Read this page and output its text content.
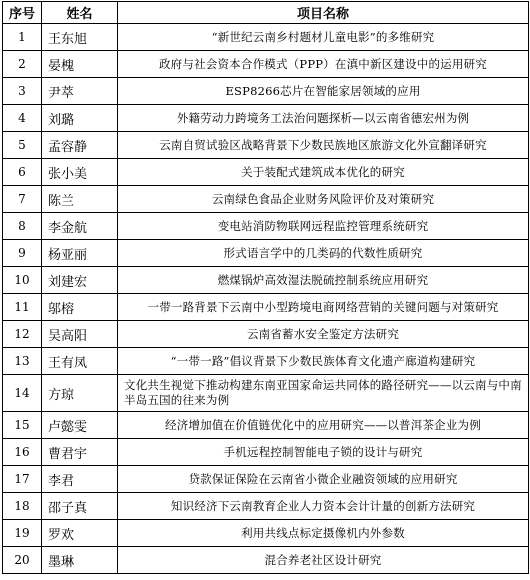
序号	姓名	项目名称
1	王东旭	“新世纪云南乡村题材儿童电影”的多维研究
2	晏槐	政府与社会资本合作模式（PPP）在滇中新区建设中的运用研究
3	尹萃	ESP8266芯片在智能家居领域的应用
4	刘璐	外籍劳动力跨境务工法治问题探析—以云南省德宏州为例
5	孟容静	云南自贸试验区战略背景下少数民族地区旅游文化外宣翻译研究
6	张小美	关于装配式建筑成本优化的研究
7	陈兰	云南绿色食品企业财务风险评价及对策研究
8	李金航	变电站消防物联网远程监控管理系统研究
9	杨亚丽	形式语言学中的几类码的代数性质研究
10	刘建宏	燃煤锅炉高效湿法脱硫控制系统应用研究
11	邬榕	一带一路背景下云南中小型跨境电商网络营销的关键问题与对策研究
12	吴高阳	云南省蓄水安全鉴定方法研究
13	王有凤	“一带一路”倡议背景下少数民族体育文化遗产廊道构建研究
14	方琼	文化共生视觉下推动构建东南亚国家命运共同体的路径研究——以云南与中南半岛五国的往来为例
15	卢懿雯	经济增加值在价值链优化中的应用研究——以普洱茶企业为例
16	曹君宇	手机远程控制智能电子锁的设计与研究
17	李君	贷款保证保险在云南省小微企业融资领域的应用研究
18	邵子真	知识经济下云南教育企业人力资本会计计量的创新方法研究
19	罗欢	利用共线点标定摄像机内外参数
20	墨琳	混合养老社区设计研究
